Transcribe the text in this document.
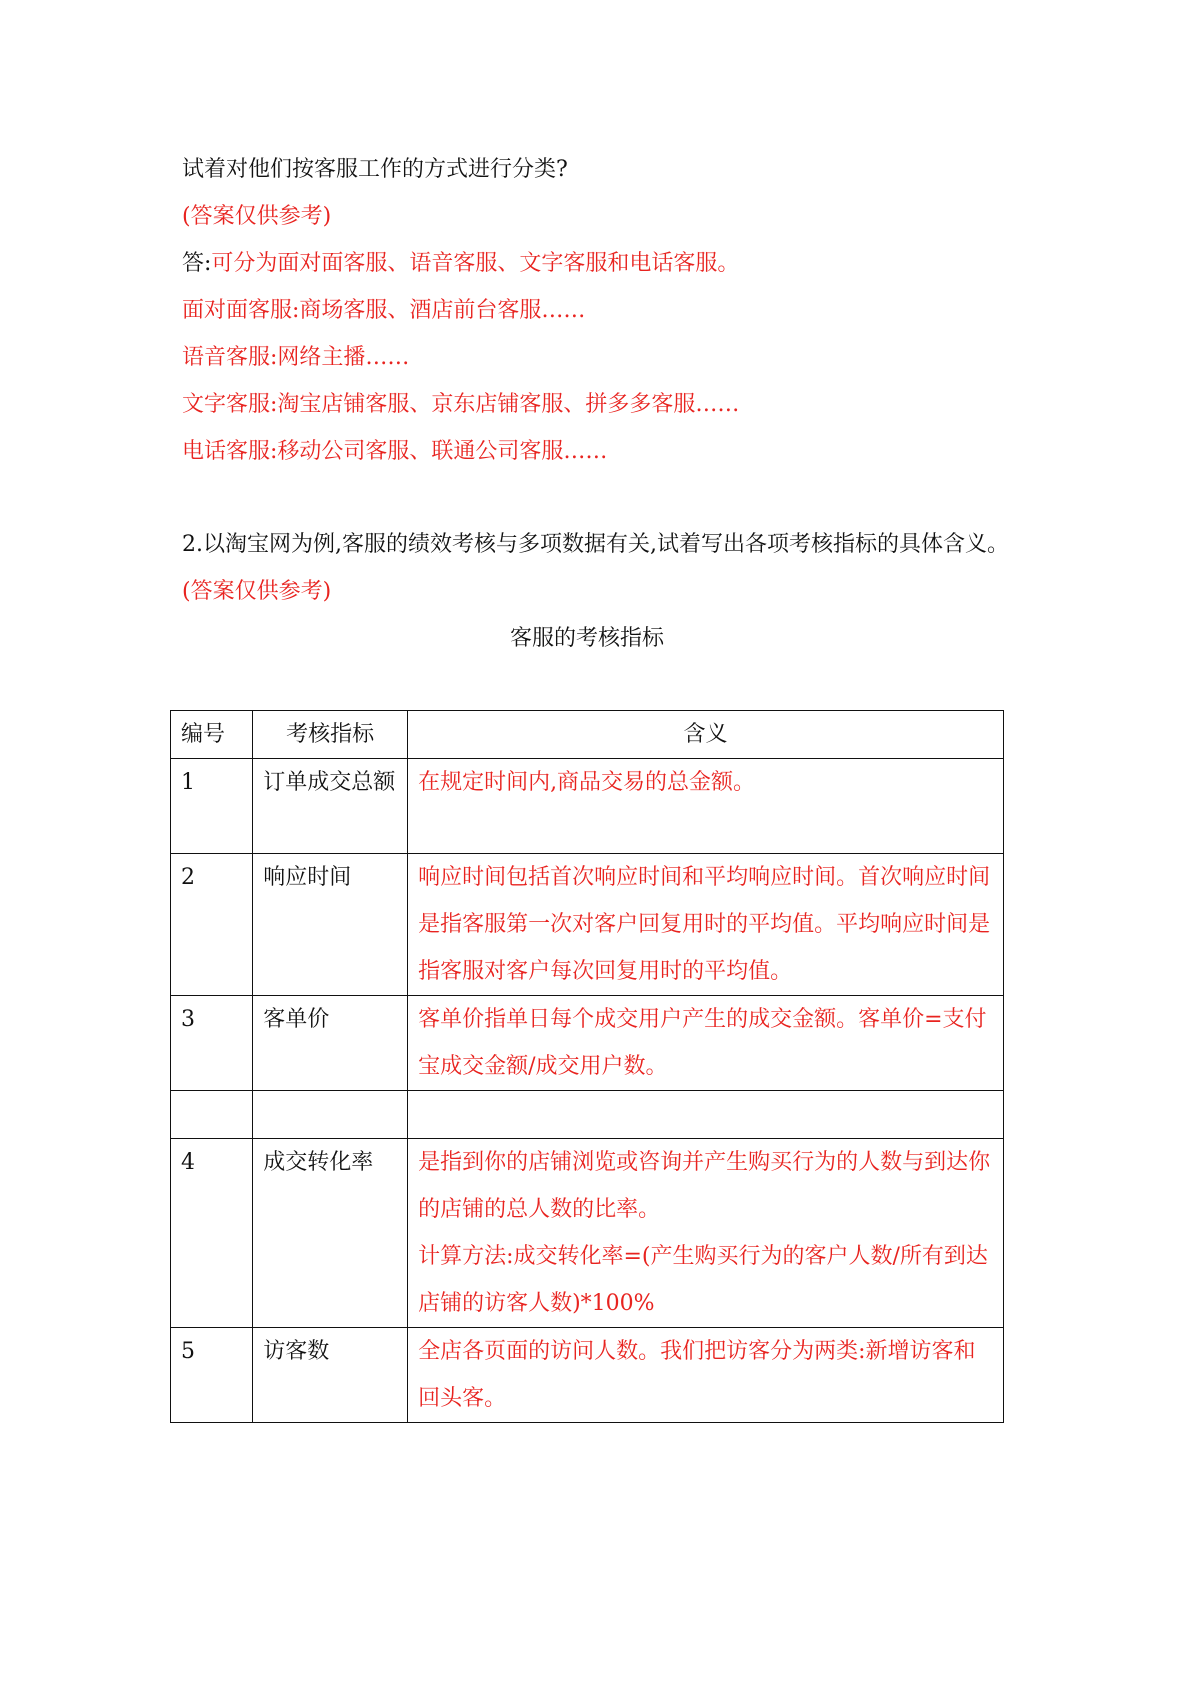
试着对他们按客服工作的方式进行分类?
(答案仅供参考)
答:可分为面对面客服、语音客服、文字客服和电话客服。
面对面客服:商场客服、酒店前台客服……
语音客服:网络主播……
文字客服:淘宝店铺客服、京东店铺客服、拼多多客服……
电话客服:移动公司客服、联通公司客服……
2.以淘宝网为例,客服的绩效考核与多项数据有关,试着写出各项考核指标的具体含义。
(答案仅供参考)
客服的考核指标
编号	考核指标	含义
1	订单成交总额	在规定时间内,商品交易的总金额。

2	响应时间	响应时间包括首次响应时间和平均响应时间。首次响应时间是指客服第一次对客户回复用时的平均值。平均响应时间是指客服对客户每次回复用时的平均值。

3	客单价	客单价指单日每个成交用户产生的成交金额。客单价=支付宝成交金额/成交用户数。

4	成交转化率	是指到你的店铺浏览或咨询并产生购买行为的人数与到达你的店铺的总人数的比率。
计算方法:成交转化率=(产生购买行为的客户人数/所有到达店铺的访客人数)*100%

5	访客数	全店各页面的访问人数。我们把访客分为两类:新增访客和回头客。
